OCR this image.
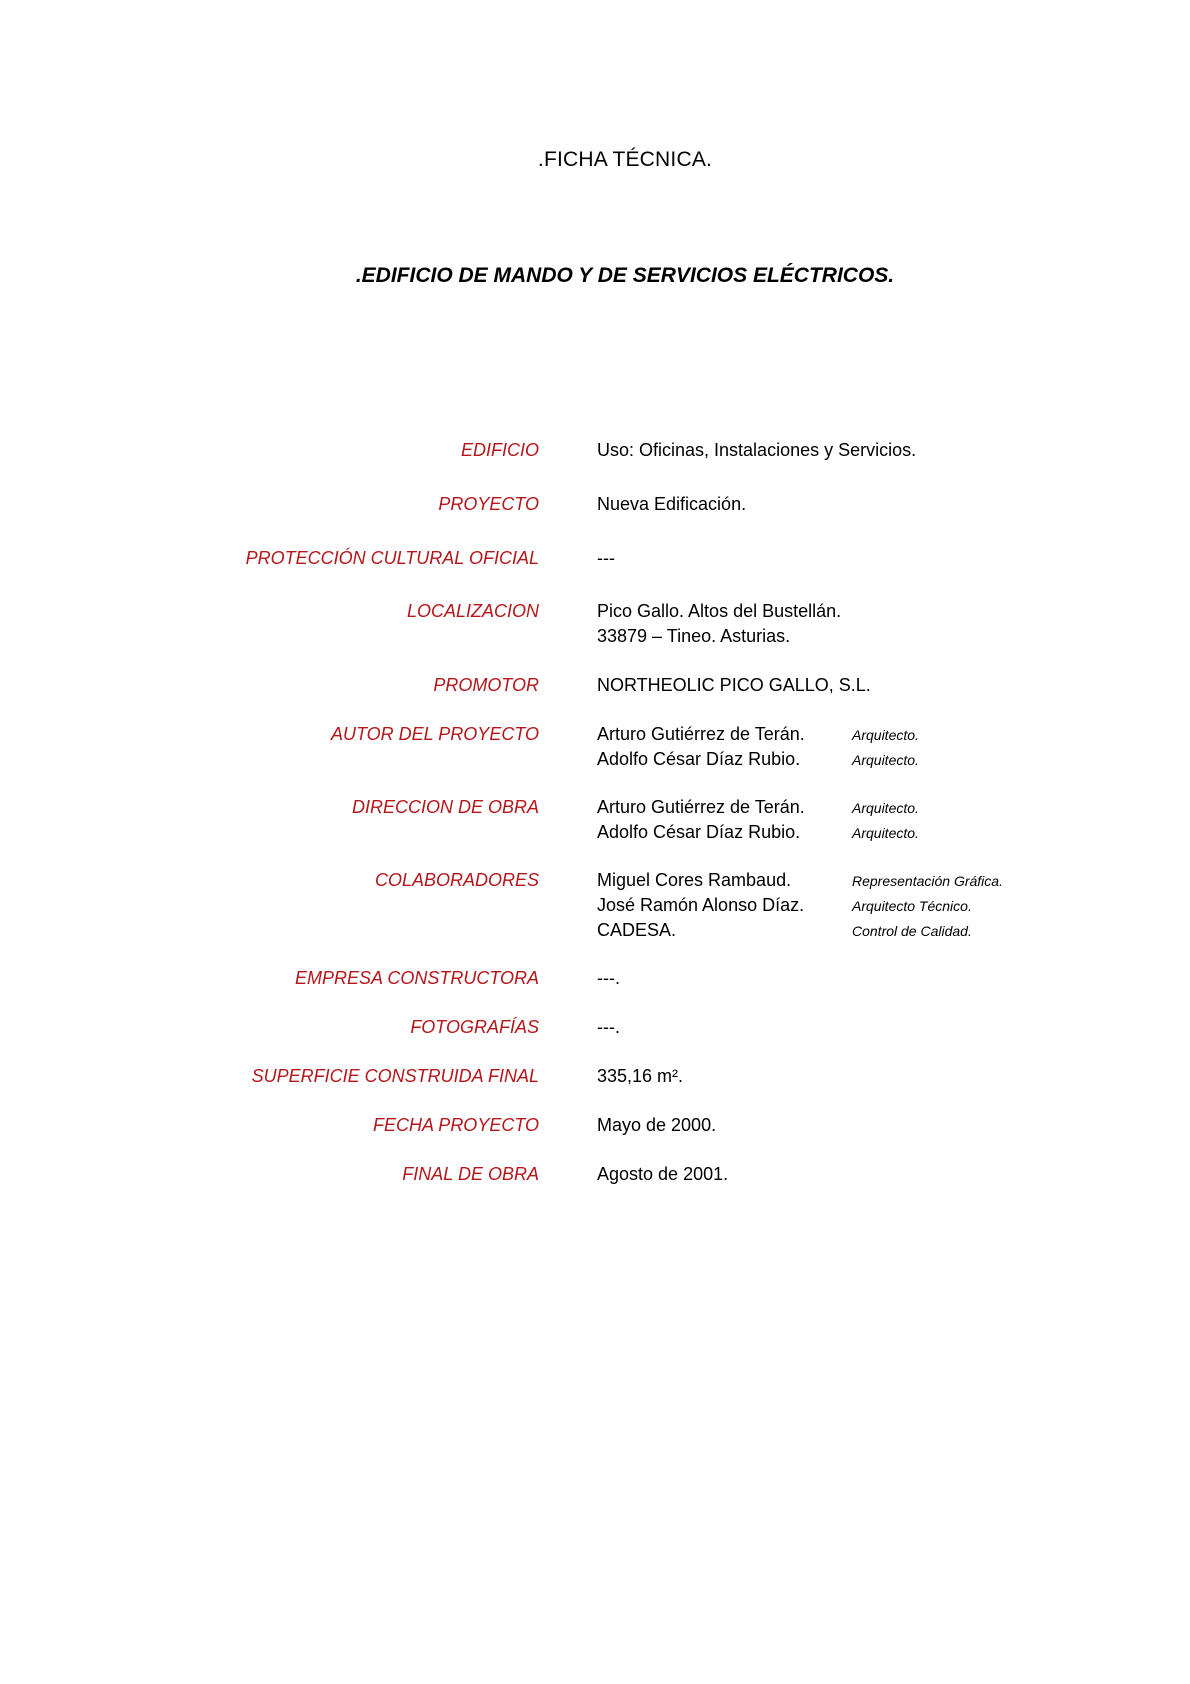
.FICHA TÉCNICA.
.EDIFICIO DE MANDO Y DE SERVICIOS ELÉCTRICOS.
EDIFICIO	Uso: Oficinas, Instalaciones y Servicios.
PROYECTO	Nueva Edificación.
PROTECCIÓN CULTURAL OFICIAL	---
LOCALIZACION	Pico Gallo. Altos del Bustellán.
33879 – Tineo. Asturias.
PROMOTOR	NORTHEOLIC PICO GALLO, S.L.
AUTOR DEL PROYECTO	Arturo Gutiérrez de Terán.	Arquitecto.
Adolfo César Díaz Rubio.	Arquitecto.
DIRECCION DE OBRA	Arturo Gutiérrez de Terán.	Arquitecto.
Adolfo César Díaz Rubio.	Arquitecto.
COLABORADORES	Miguel Cores Rambaud.	Representación Gráfica.
José Ramón Alonso Díaz.	Arquitecto Técnico.
CADESA.	Control de Calidad.
EMPRESA CONSTRUCTORA	---.
FOTOGRAFÍAS	---.
SUPERFICIE CONSTRUIDA FINAL	335,16 m².
FECHA PROYECTO	Mayo de 2000.
FINAL DE OBRA	Agosto de 2001.
